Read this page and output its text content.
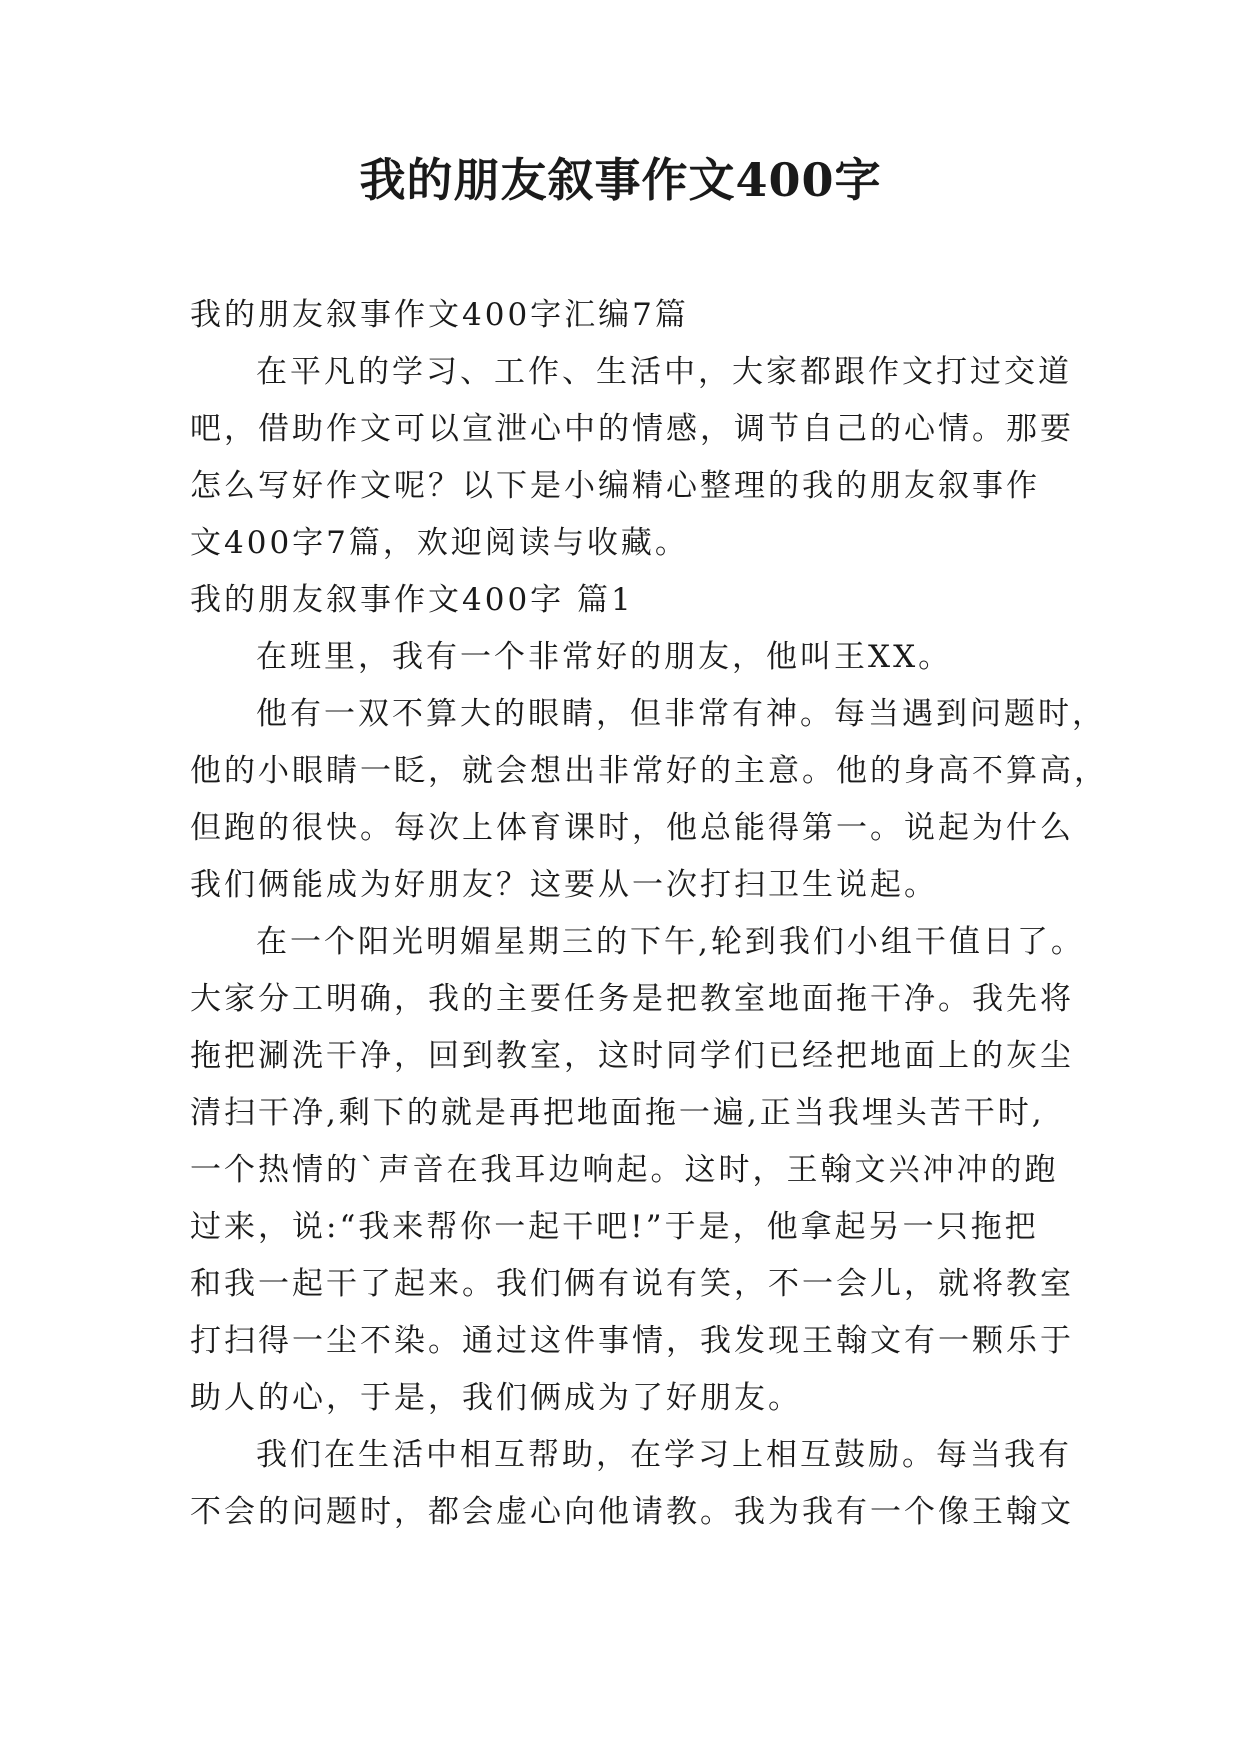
我的朋友叙事作文400字
我的朋友叙事作文400字汇编7篇
在平凡的学习、工作、生活中，大家都跟作文打过交道
吧，借助作文可以宣泄心中的情感，调节自己的心情。那要
怎么写好作文呢？以下是小编精心整理的我的朋友叙事作
文400字7篇，欢迎阅读与收藏。
我的朋友叙事作文400字 篇1
在班里，我有一个非常好的朋友，他叫王XX。
他有一双不算大的眼睛，但非常有神。每当遇到问题时，
他的小眼睛一眨，就会想出非常好的主意。他的身高不算高，
但跑的很快。每次上体育课时，他总能得第一。说起为什么
我们俩能成为好朋友？这要从一次打扫卫生说起。
在一个阳光明媚星期三的下午,轮到我们小组干值日了。
大家分工明确，我的主要任务是把教室地面拖干净。我先将
拖把涮洗干净，回到教室，这时同学们已经把地面上的灰尘
清扫干净,剩下的就是再把地面拖一遍,正当我埋头苦干时,
一个热情的`声音在我耳边响起。这时，王翰文兴冲冲的跑
过来，说:“我来帮你一起干吧!”于是，他拿起另一只拖把
和我一起干了起来。我们俩有说有笑，不一会儿，就将教室
打扫得一尘不染。通过这件事情，我发现王翰文有一颗乐于
助人的心，于是，我们俩成为了好朋友。
我们在生活中相互帮助，在学习上相互鼓励。每当我有
不会的问题时，都会虚心向他请教。我为我有一个像王翰文
